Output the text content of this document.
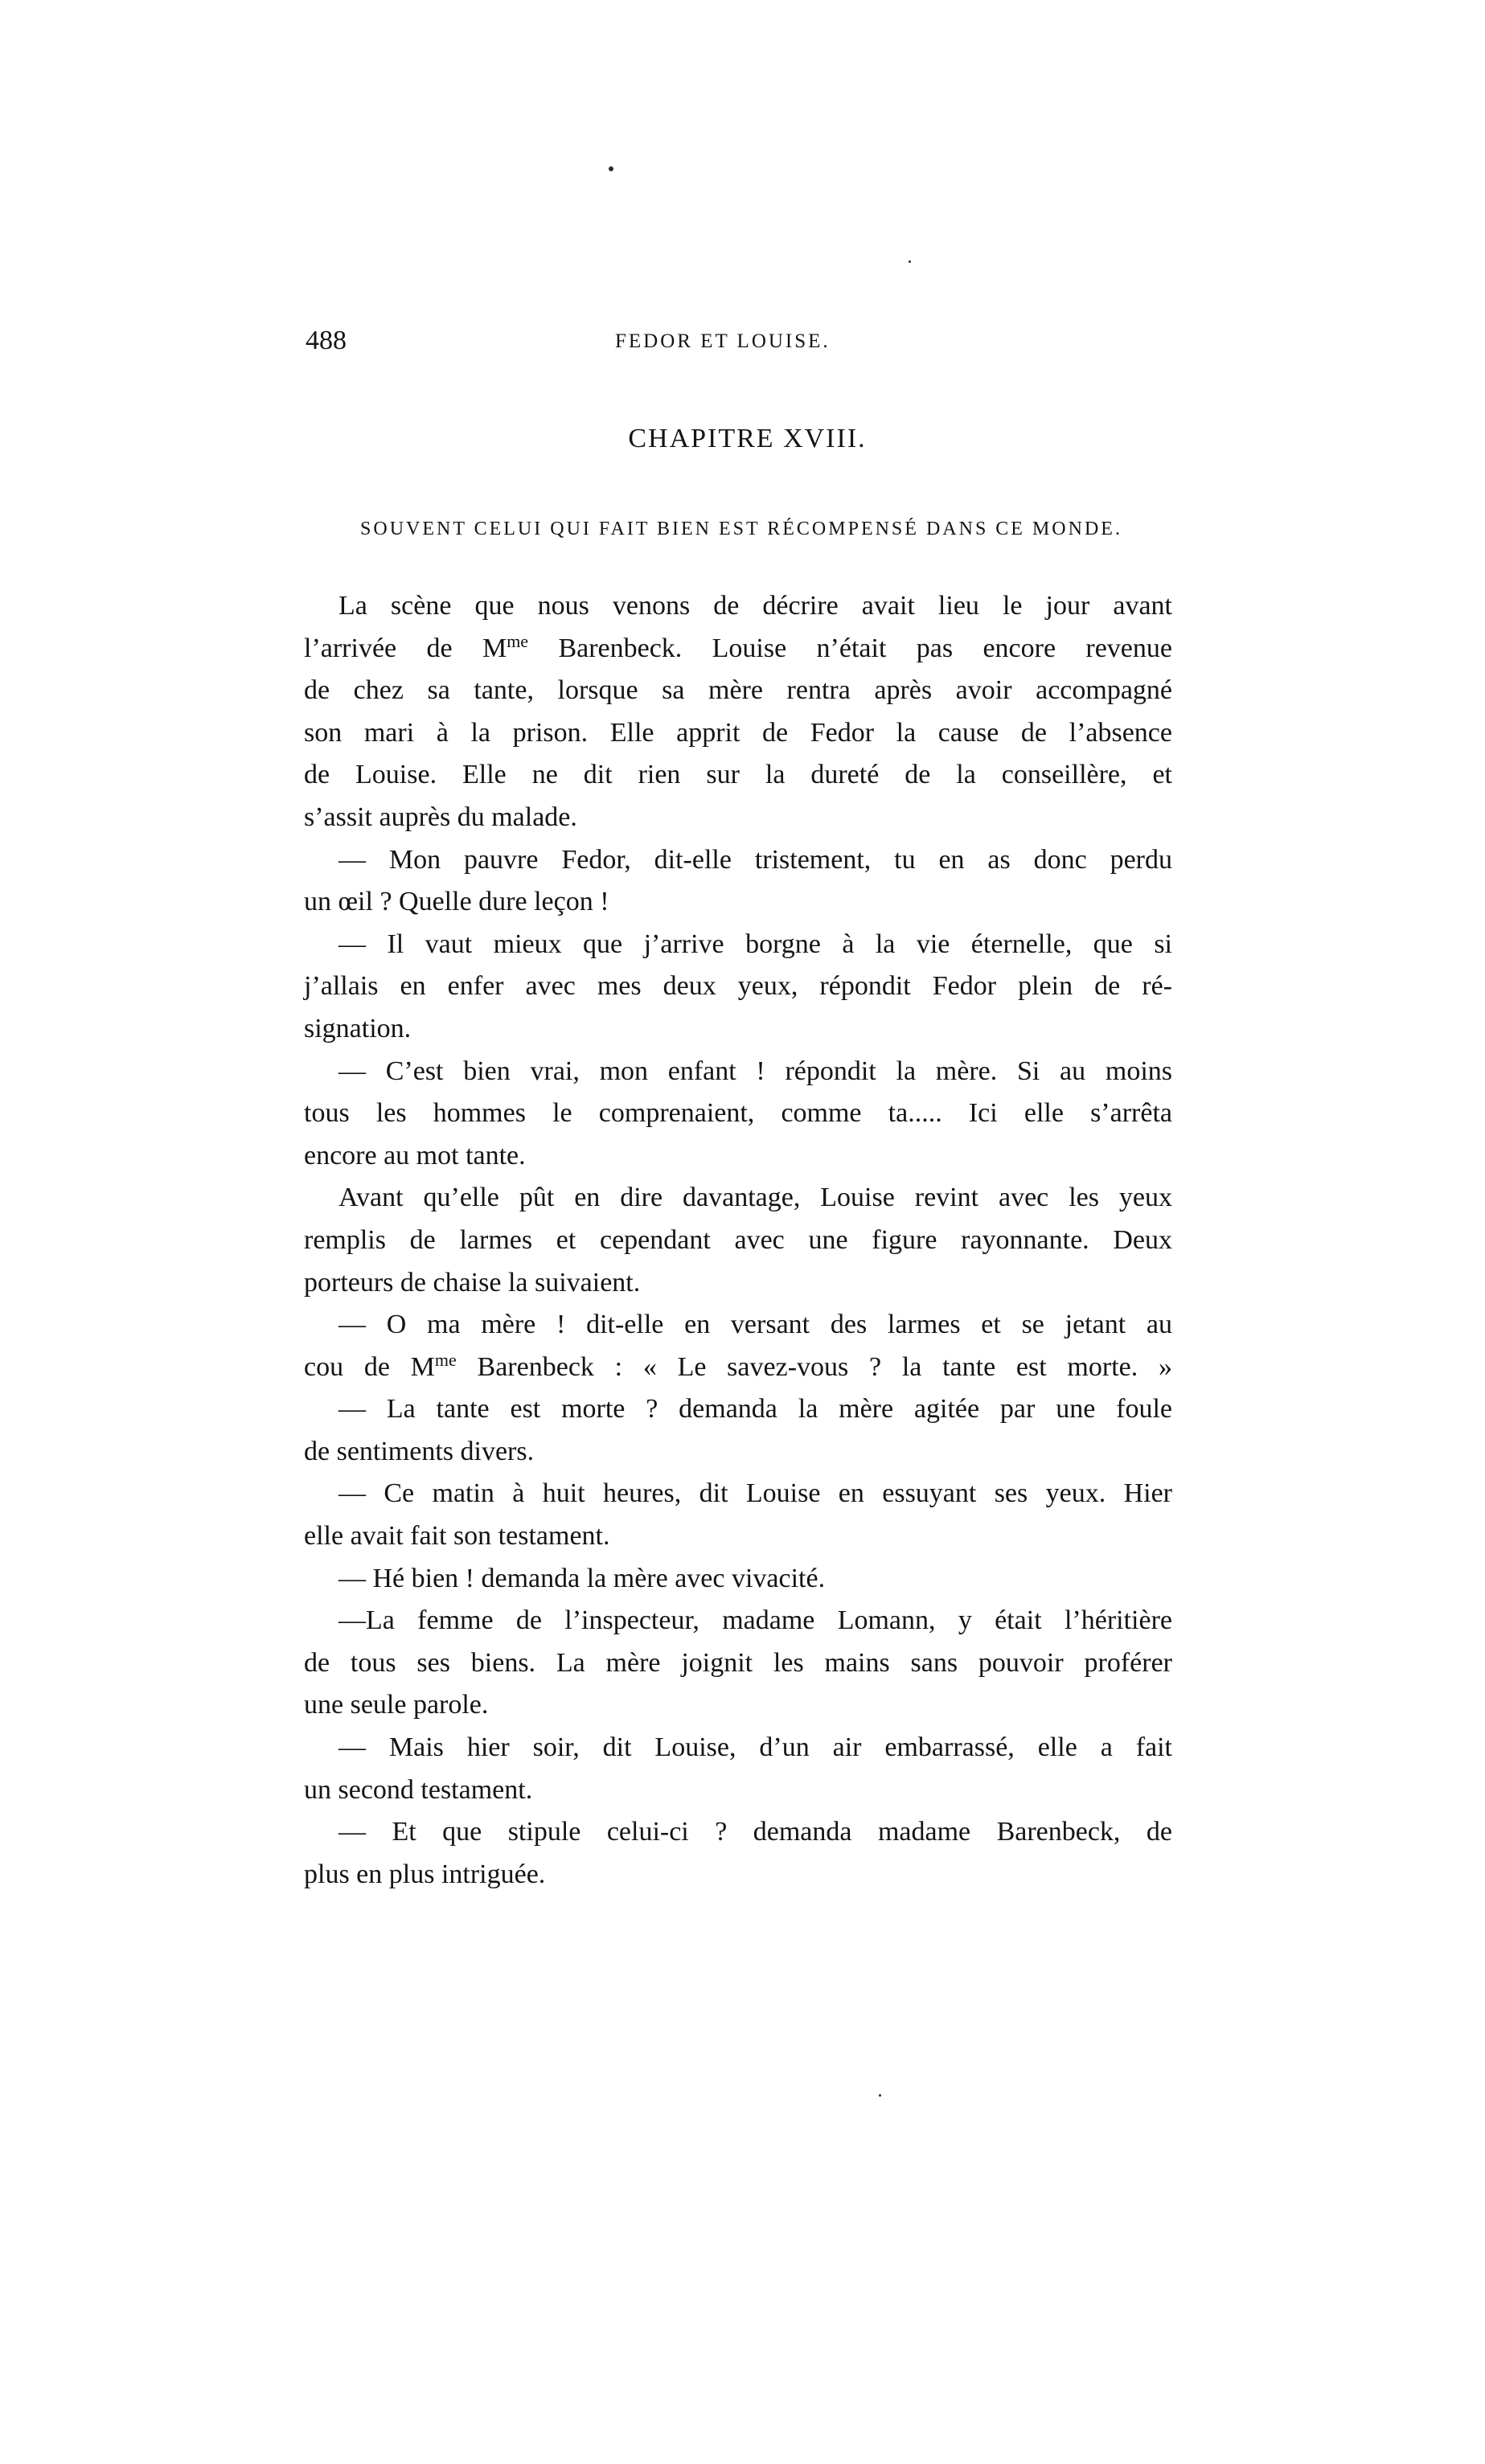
488	FEDOR ET LOUISE.
CHAPITRE XVIII.
SOUVENT CELUI QUI FAIT BIEN EST RÉCOMPENSÉ DANS CE MONDE.
La scène que nous venons de décrire avait lieu le jour avant
l’arrivée de $M^{me}$ Barenbeck. Louise n’était pas encore revenue
de chez sa tante, lorsque sa mère rentra après avoir accompagné
son mari à la prison. Elle apprit de Fedor la cause de l’absence
de Louise. Elle ne dit rien sur la dureté de la conseillère, et
s’assit auprès du malade.
— Mon pauvre Fedor, dit-elle tristement, tu en as donc perdu
un œil ? Quelle dure leçon !
— Il vaut mieux que j’arrive borgne à la vie éternelle, que si
j’allais en enfer avec mes deux yeux, répondit Fedor plein de ré-
signation.
— C’est bien vrai, mon enfant ! répondit la mère. Si au moins
tous les hommes le comprenaient, comme ta..... Ici elle s’arrêta
encore au mot tante.
Avant qu’elle pût en dire davantage, Louise revint avec les yeux
remplis de larmes et cependant avec une figure rayonnante. Deux
porteurs de chaise la suivaient.
— O ma mère ! dit-elle en versant des larmes et se jetant au
cou de $M^{me}$ Barenbeck : « Le savez-vous ? la tante est morte. »
— La tante est morte ? demanda la mère agitée par une foule
de sentiments divers.
— Ce matin à huit heures, dit Louise en essuyant ses yeux. Hier
elle avait fait son testament.
— Hé bien ! demanda la mère avec vivacité.
—La femme de l’inspecteur, madame Lomann, y était l’héritière
de tous ses biens. La mère joignit les mains sans pouvoir proférer
une seule parole.
— Mais hier soir, dit Louise, d’un air embarrassé, elle a fait
un second testament.
— Et que stipule celui-ci ? demanda madame Barenbeck, de
plus en plus intriguée.
